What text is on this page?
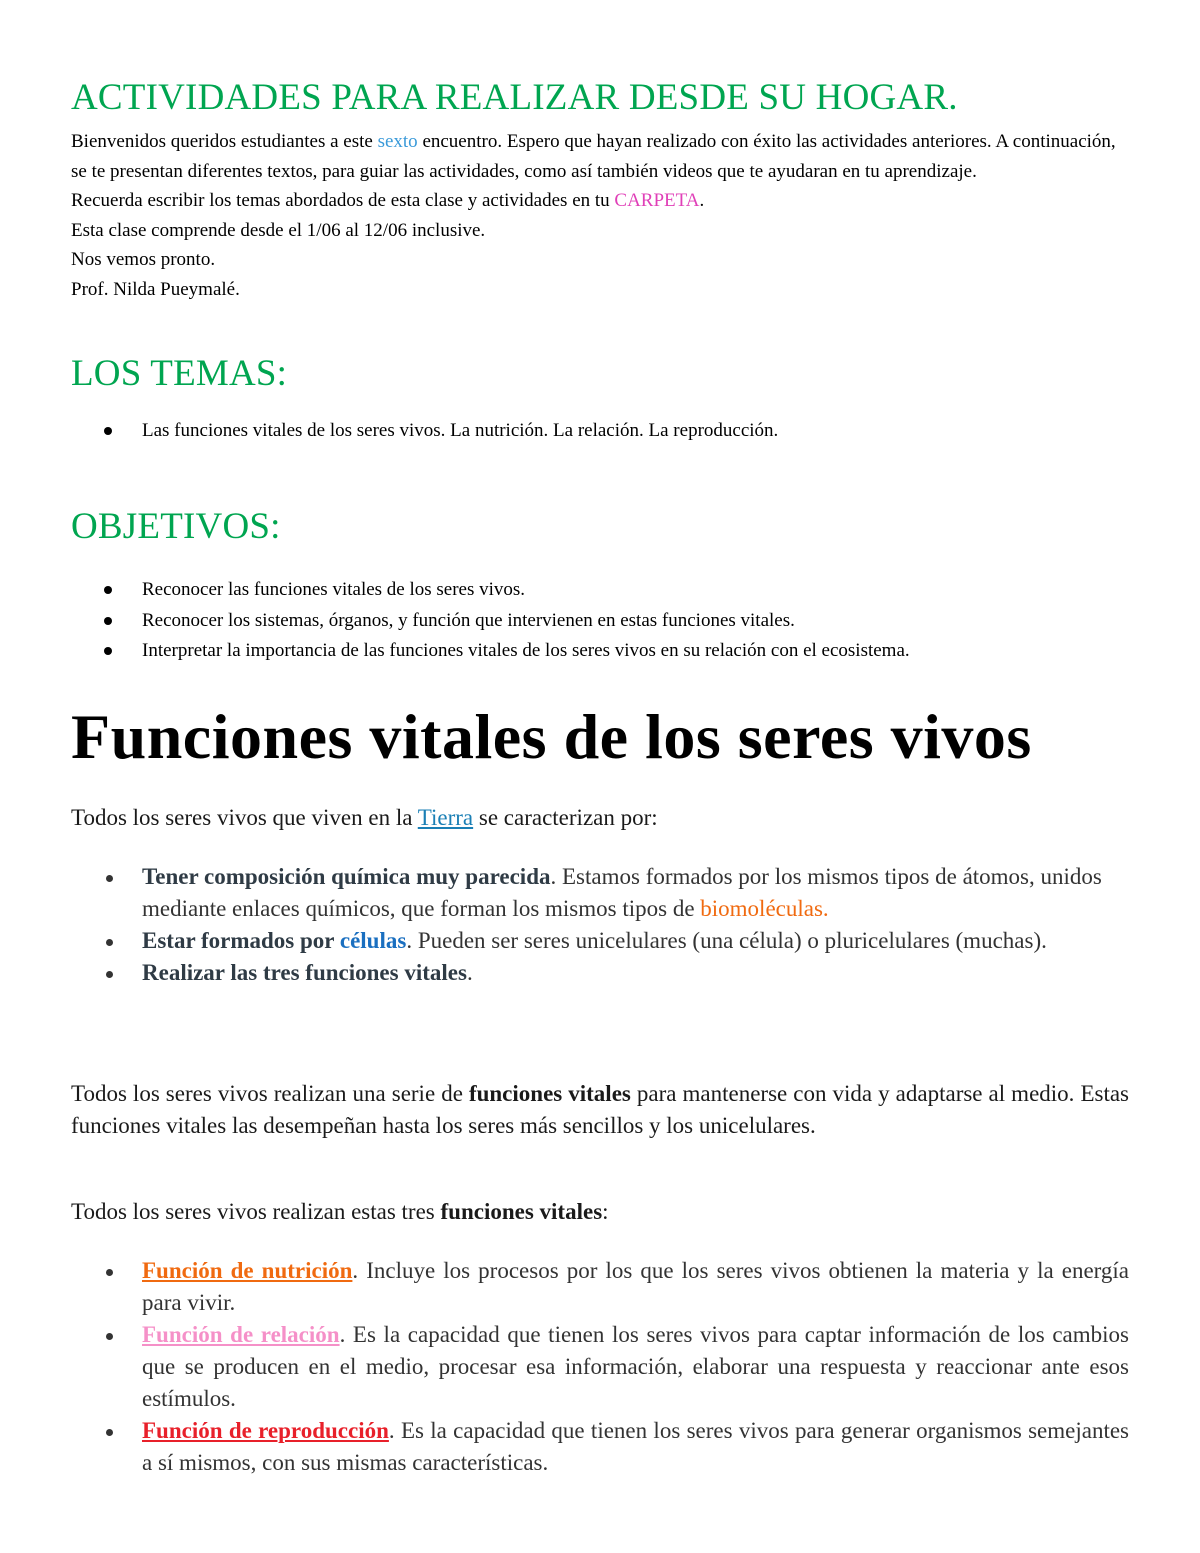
ACTIVIDADES PARA REALIZAR DESDE SU HOGAR.

Bienvenidos queridos estudiantes a este sexto encuentro. Espero que hayan realizado con éxito las actividades anteriores. A continuación, se te presentan diferentes textos, para guiar las actividades, como así también videos que te ayudaran en tu aprendizaje.

Recuerda escribir los temas abordados de esta clase y actividades en tu CARPETA.

Esta clase comprende desde el 1/06 al 12/06 inclusive.

Nos vemos pronto.

Prof. Nilda Pueymalé.

LOS TEMAS:
Las funciones vitales de los seres vivos. La nutrición. La relación. La reproducción.
OBJETIVOS:
Reconocer las funciones vitales de los seres vivos.
Reconocer los sistemas, órganos, y función que intervienen en estas funciones vitales.
Interpretar la importancia de las funciones vitales de los seres vivos en su relación con el ecosistema.
Funciones vitales de los seres vivos

Todos los seres vivos que viven en la Tierra se caracterizan por:

Tener composición química muy parecida. Estamos formados por los mismos tipos de átomos, unidos mediante enlaces químicos, que forman los mismos tipos de biomoléculas.
Estar formados por células. Pueden ser seres unicelulares (una célula) o pluricelulares (muchas).
Realizar las tres funciones vitales.

Todos los seres vivos realizan una serie de funciones vitales para mantenerse con vida y adaptarse al medio. Estas funciones vitales las desempeñan hasta los seres más sencillos y los unicelulares.

Todos los seres vivos realizan estas tres funciones vitales:

Función de nutrición. Incluye los procesos por los que los seres vivos obtienen la materia y la energía para vivir.
Función de relación. Es la capacidad que tienen los seres vivos para captar información de los cambios que se producen en el medio, procesar esa información, elaborar una respuesta y reaccionar ante esos estímulos.
Función de reproducción. Es la capacidad que tienen los seres vivos para generar organismos semejantes a sí mismos, con sus mismas características.
